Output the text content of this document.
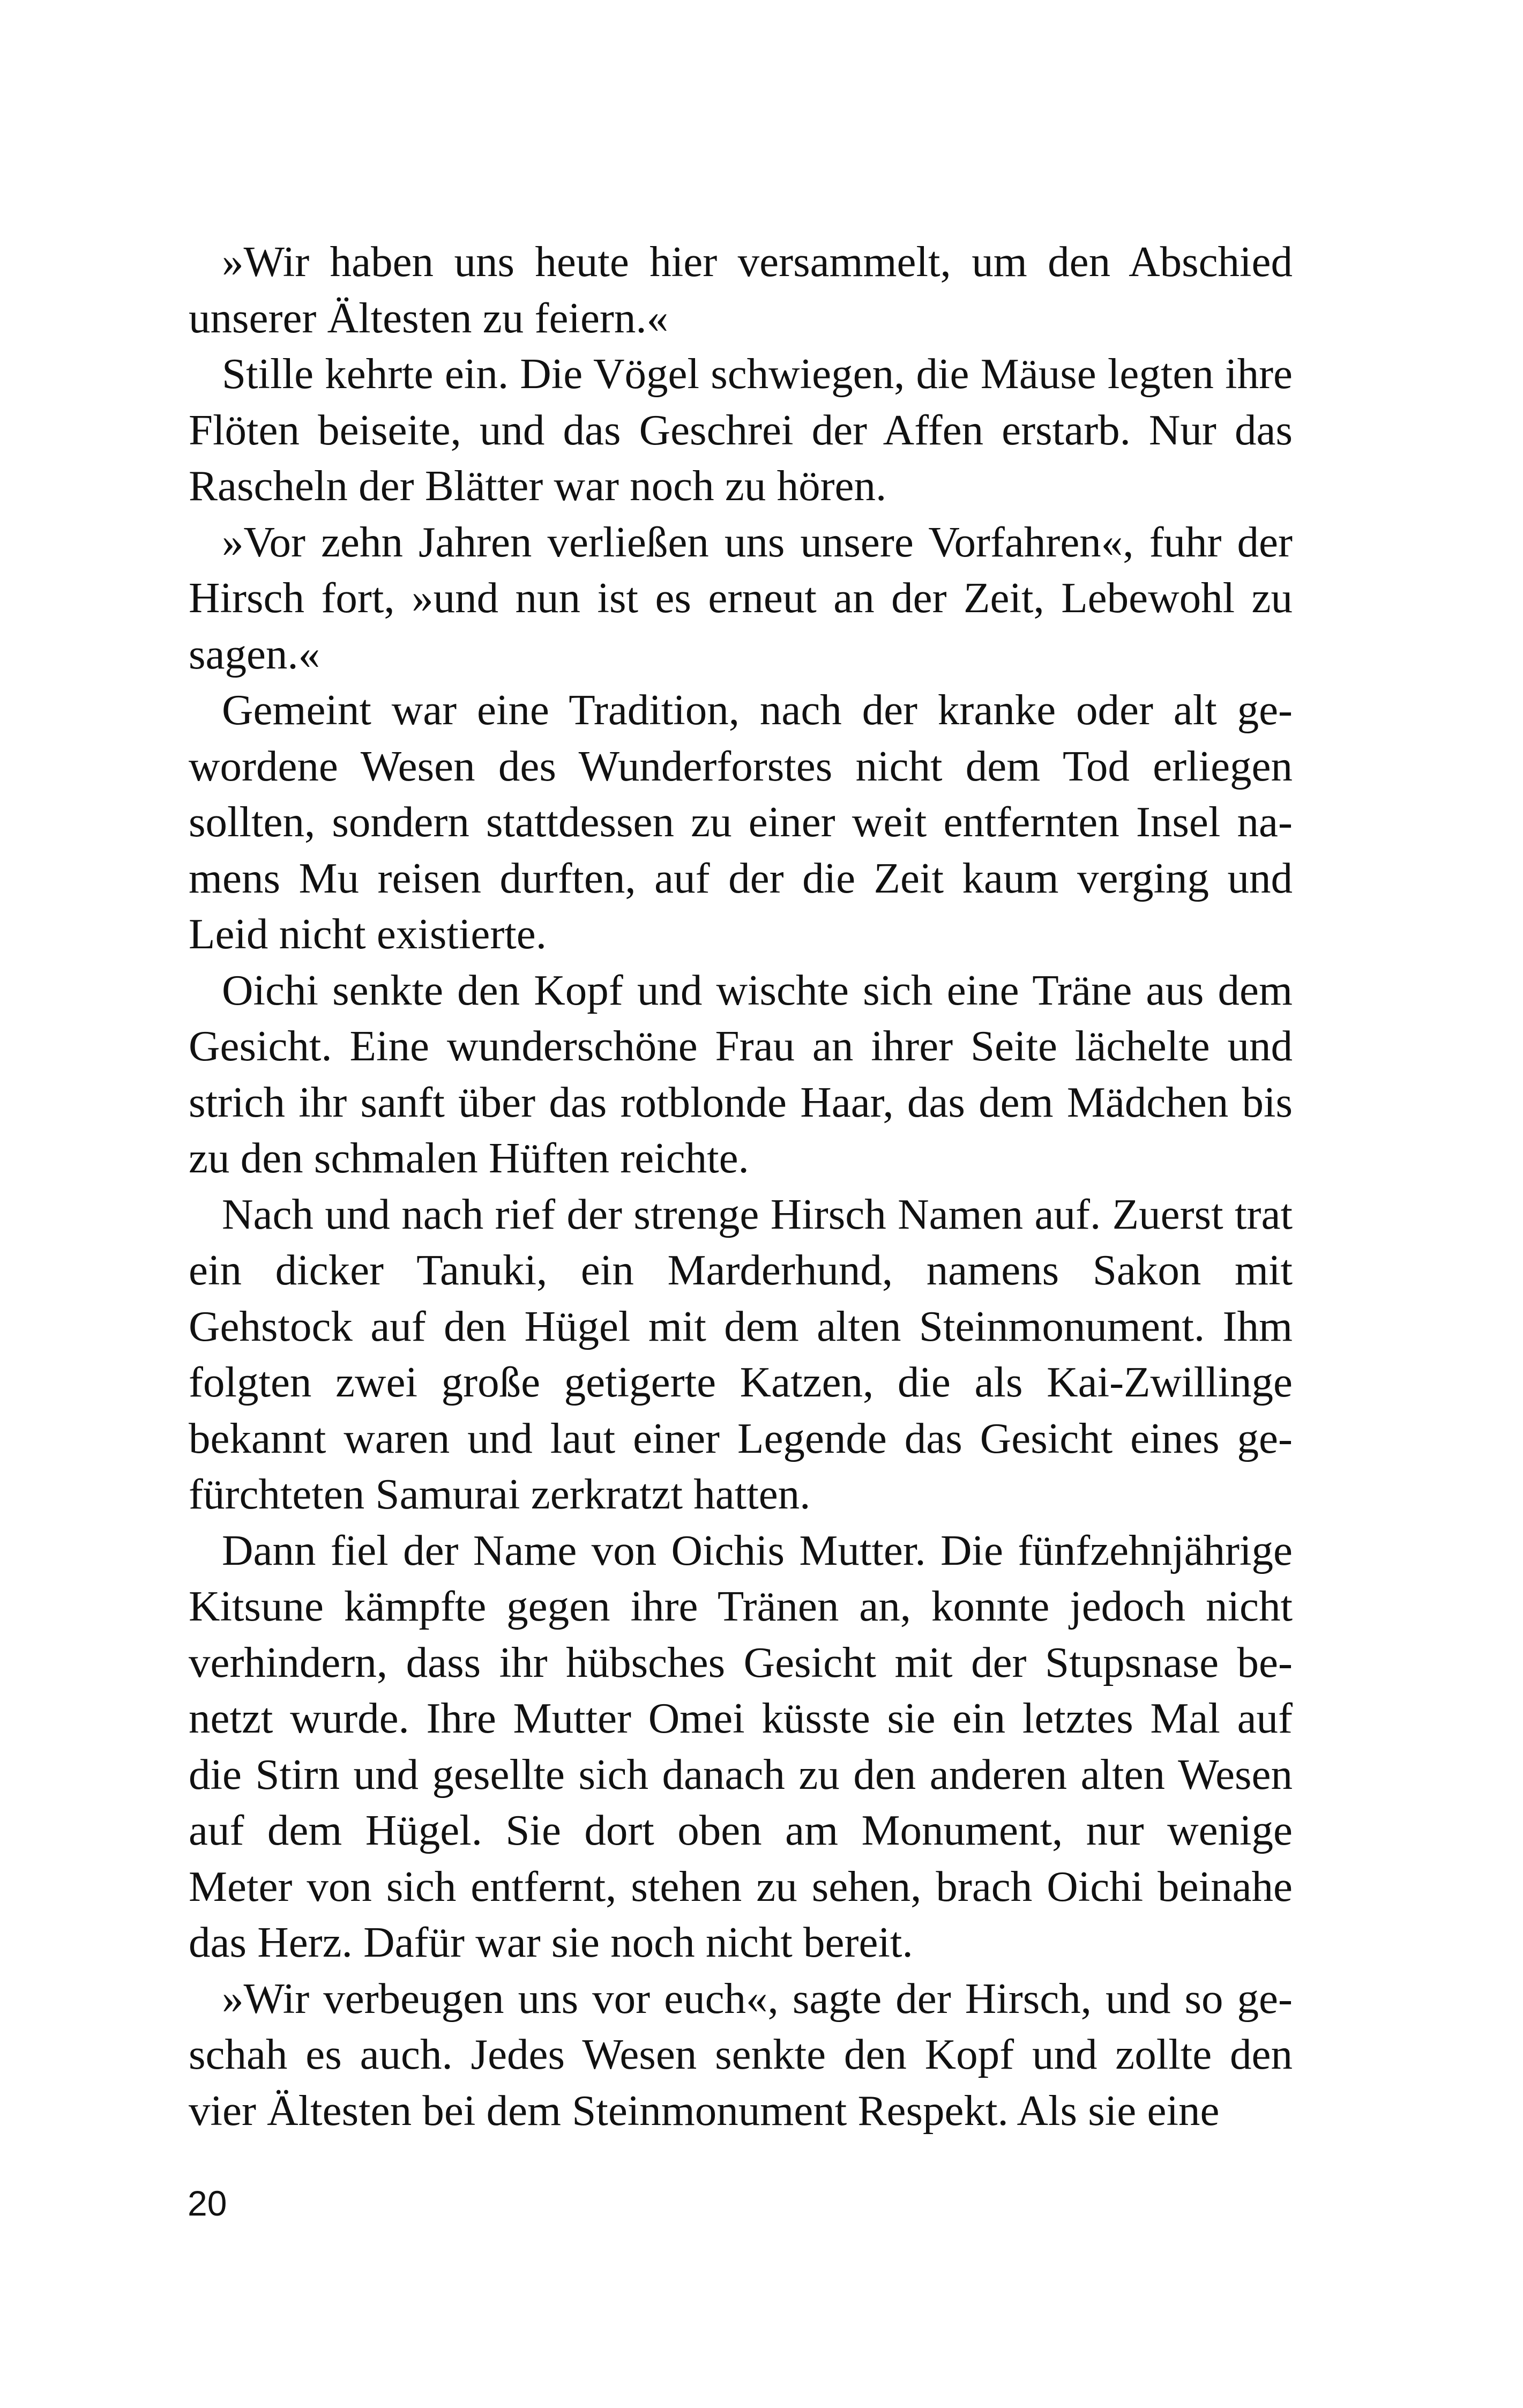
»Wir haben uns heute hier versammelt, um den Abschied unserer Ältesten zu feiern.«

Stille kehrte ein. Die Vögel schwiegen, die Mäuse legten ihre Flöten beiseite, und das Geschrei der Affen erstarb. Nur das Rascheln der Blätter war noch zu hören.

»Vor zehn Jahren verließen uns unsere Vorfahren«, fuhr der Hirsch fort, »und nun ist es erneut an der Zeit, Lebewohl zu sagen.«

Gemeint war eine Tradition, nach der kranke oder alt gewordene Wesen des Wunderforstes nicht dem Tod erliegen sollten, sondern stattdessen zu einer weit entfernten Insel namens Mu reisen durften, auf der die Zeit kaum verging und Leid nicht existierte.

Oichi senkte den Kopf und wischte sich eine Träne aus dem Gesicht. Eine wunderschöne Frau an ihrer Seite lächelte und strich ihr sanft über das rotblonde Haar, das dem Mädchen bis zu den schmalen Hüften reichte.

Nach und nach rief der strenge Hirsch Namen auf. Zuerst trat ein dicker Tanuki, ein Marderhund, namens Sakon mit Gehstock auf den Hügel mit dem alten Steinmonument. Ihm folgten zwei große getigerte Katzen, die als Kai-Zwillinge bekannt waren und laut einer Legende das Gesicht eines gefürchteten Samurai zerkratzt hatten.

Dann fiel der Name von Oichis Mutter. Die fünfzehnjährige Kitsune kämpfte gegen ihre Tränen an, konnte jedoch nicht verhindern, dass ihr hübsches Gesicht mit der Stupsnase benetzt wurde. Ihre Mutter Omei küsste sie ein letztes Mal auf die Stirn und gesellte sich danach zu den anderen alten Wesen auf dem Hügel. Sie dort oben am Monument, nur wenige Meter von sich entfernt, stehen zu sehen, brach Oichi beinahe das Herz. Dafür war sie noch nicht bereit.

»Wir verbeugen uns vor euch«, sagte der Hirsch, und so geschah es auch. Jedes Wesen senkte den Kopf und zollte den vier Ältesten bei dem Steinmonument Respekt. Als sie eine

20
